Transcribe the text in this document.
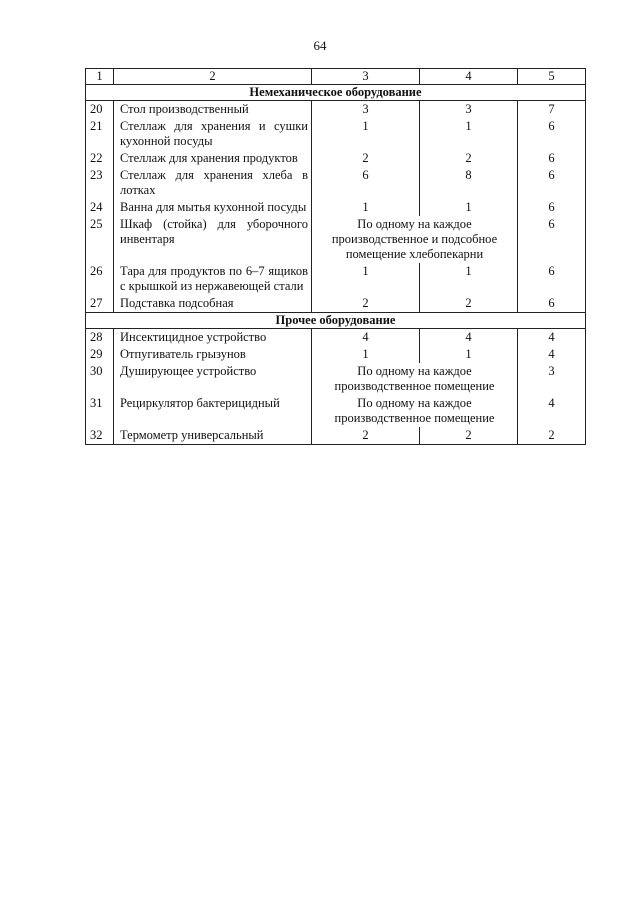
64
1	2	3	4	5
Немеханическое оборудование				
20	Стол производственный	3	3	7
21	Стеллаж для хранения и сушки кухонной посуды	1	1	6
22	Стеллаж для хранения продуктов	2	2	6
23	Стеллаж для хранения хлеба в лотках	6	8	6
24	Ванна для мытья кухонной посуды	1	1	6
25	Шкаф (стойка) для уборочного инвентаря	По одному на каждое производственное и подсобное помещение хлебопекарни		6
26	Тара для продуктов по 6–7 ящиков с крышкой из нержавеющей стали	1	1	6
27	Подставка подсобная	2	2	6
Прочее оборудование				
28	Инсектицидное устройство	4	4	4
29	Отпугиватель грызунов	1	1	4
30	Душирующее устройство	По одному на каждое производственное помещение		3
31	Рециркулятор бактерицидный	По одному на каждое производственное помещение		4
32	Термометр универсальный	2	2	2
